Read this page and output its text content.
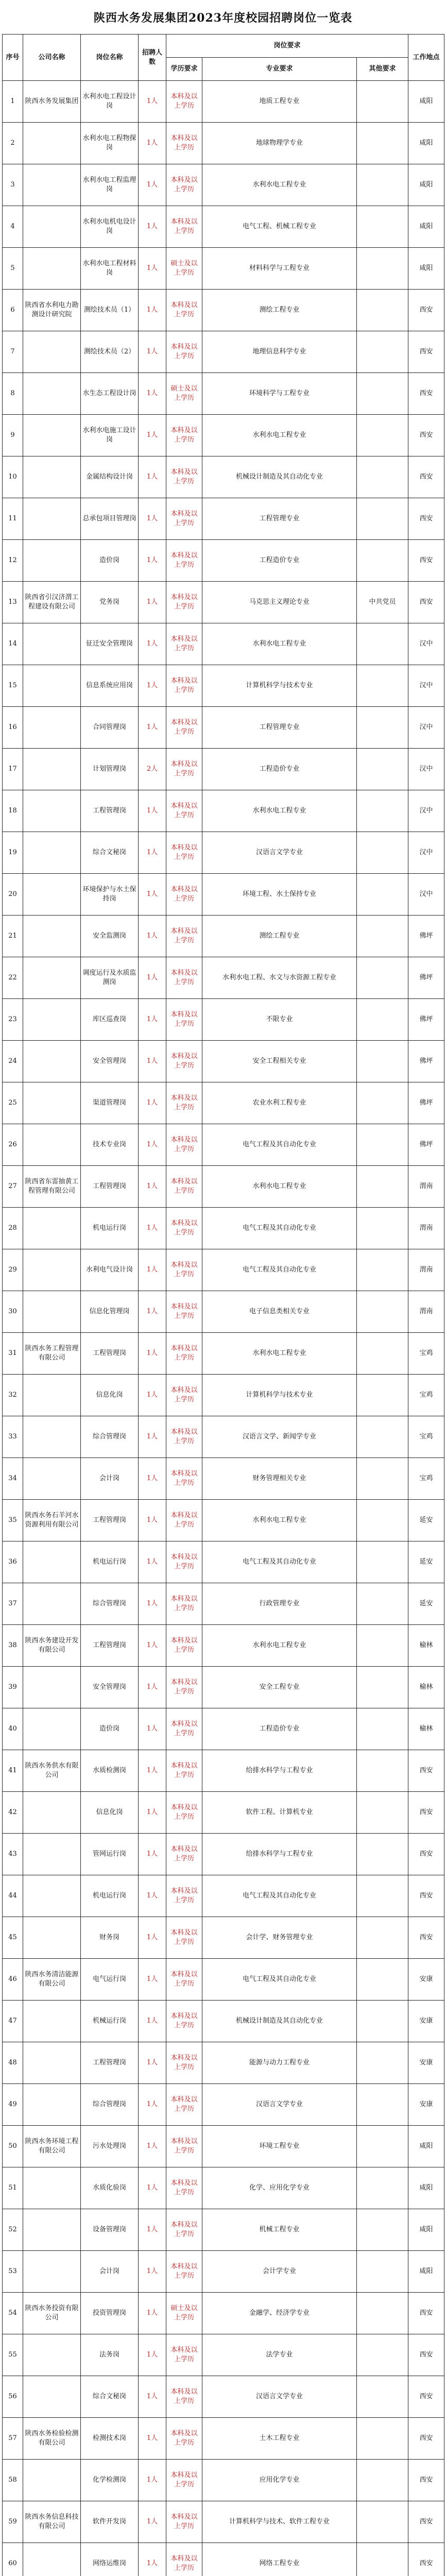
陕西水务发展集团2023年度校园招聘岗位一览表
序号	公司名称	岗位名称	招聘人数	岗位要求			工作地点
				学历要求	专业要求	其他要求	
1	陕西水务发展集团	水利水电工程设计岗	1人	本科及以上学历	地质工程专业		咸阳
2		水利水电工程物探岗	1人	本科及以上学历	地球物理学专业		咸阳
3		水利水电工程监理岗	1人	本科及以上学历	水利水电工程专业		咸阳
4		水利水电机电设计岗	1人	本科及以上学历	电气工程、机械工程专业		咸阳
5		水利水电工程材料岗	1人	硕士及以上学历	材料科学与工程专业		咸阳
6	陕西省水利电力勘测设计研究院	测绘技术员（1）	1人	本科及以上学历	测绘工程专业		西安
7		测绘技术员（2）	1人	本科及以上学历	地理信息科学专业		西安
8		水生态工程设计岗	1人	硕士及以上学历	环境科学与工程专业		西安
9		水利水电施工设计岗	1人	本科及以上学历	水利水电工程专业		西安
10		金属结构设计岗	1人	本科及以上学历	机械设计制造及其自动化专业		西安
11		总承包项目管理岗	1人	本科及以上学历	工程管理专业		西安
12		造价岗	1人	本科及以上学历	工程造价专业		西安
13	陕西省引汉济渭工程建设有限公司	党务岗	1人	本科及以上学历	马克思主义理论专业	中共党员	西安
14		征迁安全管理岗	1人	本科及以上学历	水利水电工程专业		汉中
15		信息系统应用岗	1人	本科及以上学历	计算机科学与技术专业		汉中
16		合同管理岗	1人	本科及以上学历	工程管理专业		汉中
17		计划管理岗	2人	本科及以上学历	工程造价专业		汉中
18		工程管理岗	1人	本科及以上学历	水利水电工程专业		汉中
19		综合文秘岗	1人	本科及以上学历	汉语言文学专业		汉中
20		环境保护与水土保持岗	1人	本科及以上学历	环境工程、水土保持专业		汉中
21		安全监测岗	1人	本科及以上学历	测绘工程专业		佛坪
22		调度运行及水质监测岗	1人	本科及以上学历	水利水电工程、水文与水资源工程专业		佛坪
23		库区巡查岗	1人	本科及以上学历	不限专业		佛坪
24		安全管理岗	1人	本科及以上学历	安全工程相关专业		佛坪
25		渠道管理岗	1人	本科及以上学历	农业水利工程专业		佛坪
26		技术专业岗	1人	本科及以上学历	电气工程及其自动化专业		佛坪
27	陕西省东雷抽黄工程管理有限公司	工程管理岗	1人	本科及以上学历	水利水电工程专业		渭南
28		机电运行岗	1人	本科及以上学历	电气工程及其自动化专业		渭南
29		水利电气设计岗	1人	本科及以上学历	电气工程及其自动化专业		渭南
30		信息化管理岗	1人	本科及以上学历	电子信息类相关专业		渭南
31	陕西水务工程管理有限公司	工程管理岗	1人	本科及以上学历	水利水电工程专业		宝鸡
32		信息化岗	1人	本科及以上学历	计算机科学与技术专业		宝鸡
33		综合管理岗	1人	本科及以上学历	汉语言文学、新闻学专业		宝鸡
34		会计岗	1人	本科及以上学历	财务管理相关专业		宝鸡
35	陕西水务石羊河水资源利用有限公司	工程管理岗	1人	本科及以上学历	水利水电工程专业		延安
36		机电运行岗	1人	本科及以上学历	电气工程及其自动化专业		延安
37		综合管理岗	1人	本科及以上学历	行政管理专业		延安
38	陕西水务建设开发有限公司	工程管理岗	1人	本科及以上学历	水利水电工程专业		榆林
39		安全管理岗	1人	本科及以上学历	安全工程专业		榆林
40		造价岗	1人	本科及以上学历	工程造价专业		榆林
41	陕西水务供水有限公司	水质检测岗	1人	本科及以上学历	给排水科学与工程专业		西安
42		信息化岗	1人	本科及以上学历	软件工程、计算机专业		西安
43		管网运行岗	1人	本科及以上学历	给排水科学与工程专业		西安
44		机电运行岗	1人	本科及以上学历	电气工程及其自动化专业		西安
45		财务岗	1人	本科及以上学历	会计学、财务管理专业		西安
46	陕西水务清洁能源有限公司	电气运行岗	1人	本科及以上学历	电气工程及其自动化专业		安康
47		机械运行岗	1人	本科及以上学历	机械设计制造及其自动化专业		安康
48		工程管理岗	1人	本科及以上学历	能源与动力工程专业		安康
49		综合管理岗	1人	本科及以上学历	汉语言文学专业		安康
50	陕西水务环境工程有限公司	污水处理岗	1人	本科及以上学历	环境工程专业		咸阳
51		水质化验岗	1人	本科及以上学历	化学、应用化学专业		咸阳
52		设备管理岗	1人	本科及以上学历	机械工程专业		咸阳
53		会计岗	1人	本科及以上学历	会计学专业		咸阳
54	陕西水务投资有限公司	投资管理岗	1人	硕士及以上学历	金融学、经济学专业		西安
55		法务岗	1人	本科及以上学历	法学专业		西安
56		综合文秘岗	1人	本科及以上学历	汉语言文学专业		西安
57	陕西水务检验检测有限公司	检测技术岗	1人	本科及以上学历	土木工程专业		西安
58		化学检测岗	1人	本科及以上学历	应用化学专业		西安
59	陕西水务信息科技有限公司	软件开发岗	1人	本科及以上学历	计算机科学与技术、软件工程专业		西安
60		网络运维岗	1人	本科及以上学历	网络工程专业		西安
